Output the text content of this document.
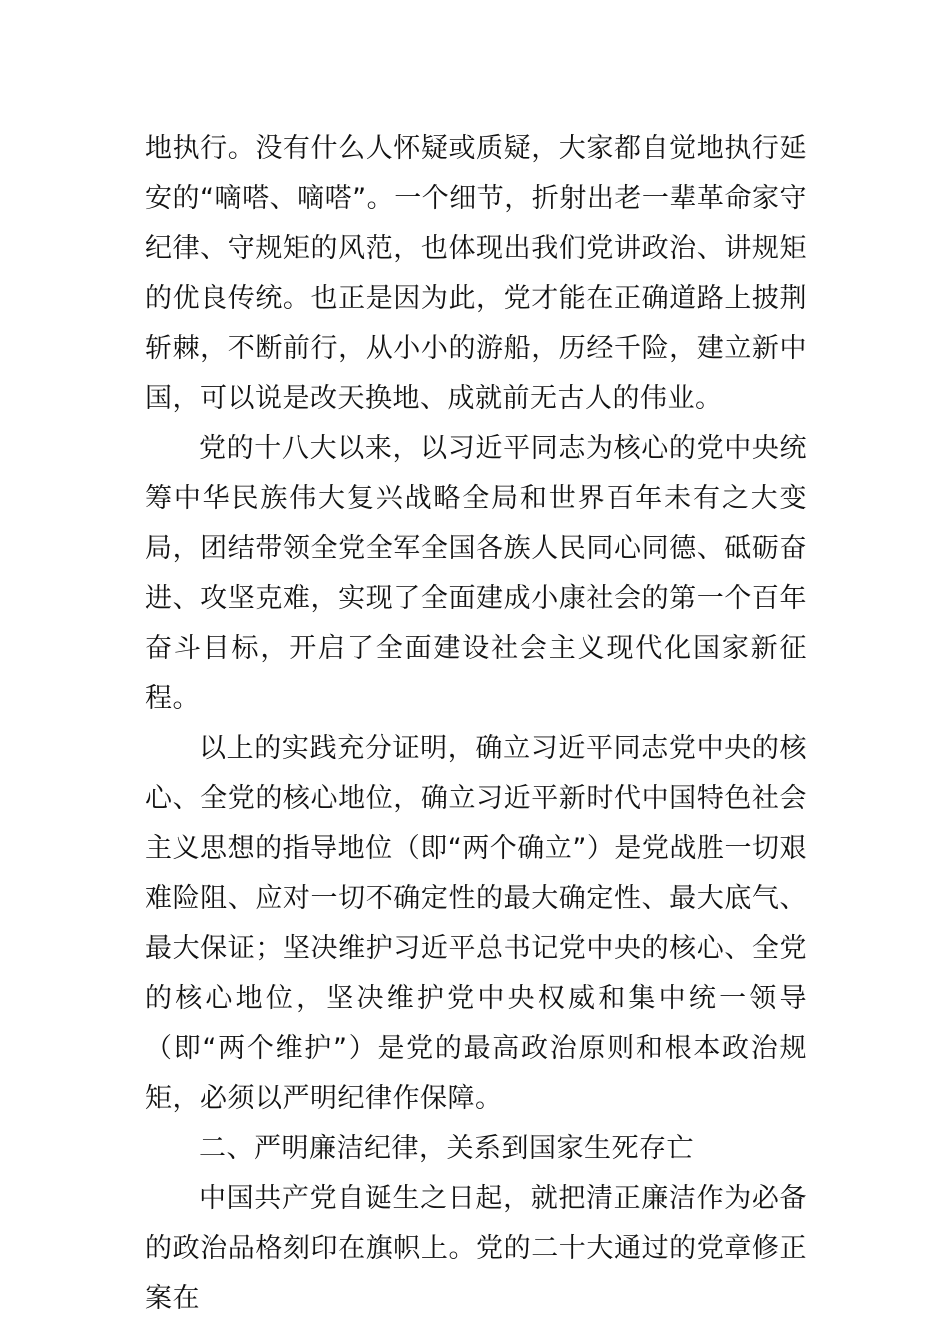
地执行。没有什么人怀疑或质疑，大家都自觉地执行延安的“嘀嗒、嘀嗒”。一个细节，折射出老一辈革命家守纪律、守规矩的风范，也体现出我们党讲政治、讲规矩的优良传统。也正是因为此，党才能在正确道路上披荆斩棘，不断前行，从小小的游船，历经千险，建立新中国，可以说是改天换地、成就前无古人的伟业。

党的十八大以来，以习近平同志为核心的党中央统筹中华民族伟大复兴战略全局和世界百年未有之大变局，团结带领全党全军全国各族人民同心同德、砥砺奋进、攻坚克难，实现了全面建成小康社会的第一个百年奋斗目标，开启了全面建设社会主义现代化国家新征程。

以上的实践充分证明，确立习近平同志党中央的核心、全党的核心地位，确立习近平新时代中国特色社会主义思想的指导地位（即“两个确立”）是党战胜一切艰难险阻、应对一切不确定性的最大确定性、最大底气、最大保证；坚决维护习近平总书记党中央的核心、全党的核心地位，坚决维护党中央权威和集中统一领导（即“两个维护”）是党的最高政治原则和根本政治规矩，必须以严明纪律作保障。

二、严明廉洁纪律，关系到国家生死存亡

中国共产党自诞生之日起，就把清正廉洁作为必备的政治品格刻印在旗帜上。党的二十大通过的党章修正案在
